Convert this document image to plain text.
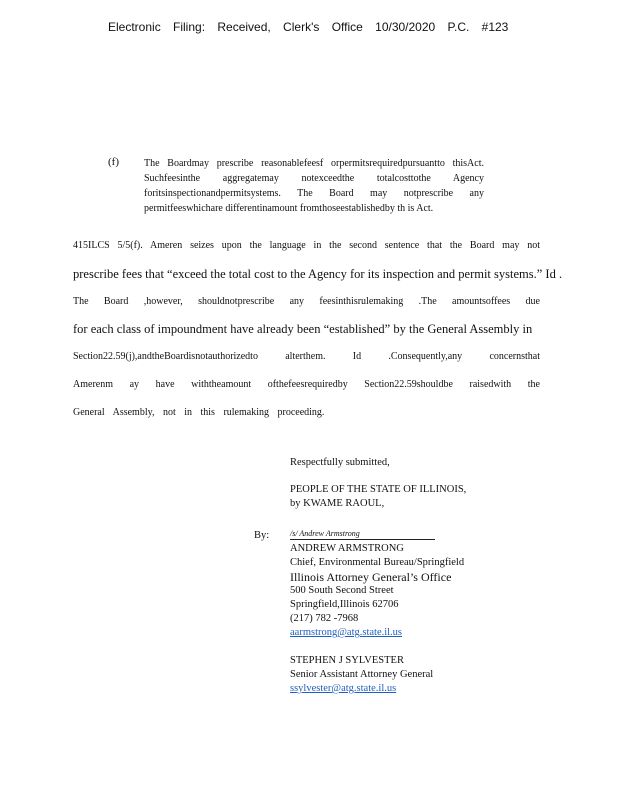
Electronic Filing: Received, Clerk's Office 10/30/2020 P.C. #123
(f)	The Boardmay prescribe reasonablefeesf orpermitsrequiredpursuantto thisAct. Suchfeesinthe aggregatemay notexceedthe totalcosttothe Agency foritsinspectionandpermitsystems. The Board may notprescribe any permitfeeswhichare differentinamount fromthoseestablishedby th is Act.
415ILCS 5/5(f). Ameren seizes upon the language in the second sentence that the Board may not
prescribe fees that “exceed the total cost to the Agency for its inspection and permit systems.” Id .
The Board ,however, shouldnotprescribe any feesinthisrulemaking .The amountsoffees due
for each class of impoundment have already been “established” by the General Assembly in
Section22.59(j),andtheBoardisnotauthorizedto alterthem. Id .Consequently,any concernsthat
Amerenm ay have withtheamount ofthefeesrequiredby Section22.59shouldbe raisedwith the
General Assembly, not in this rulemaking proceeding.
Respectfully submitted,
PEOPLE OF THE STATE OF ILLINOIS,
by KWAME RAOUL,
By:	/s/ Andrew Armstrong
ANDREW ARMSTRONG
Chief, Environmental Bureau/Springfield
Illinois Attorney General’s Office
500 South Second Street
Springfield,Illinois 62706
(217) 782 -7968
aarmstrong@atg.state.il.us
STEPHEN J SYLVESTER
Senior Assistant Attorney General
ssylvester@atg.state.il.us
